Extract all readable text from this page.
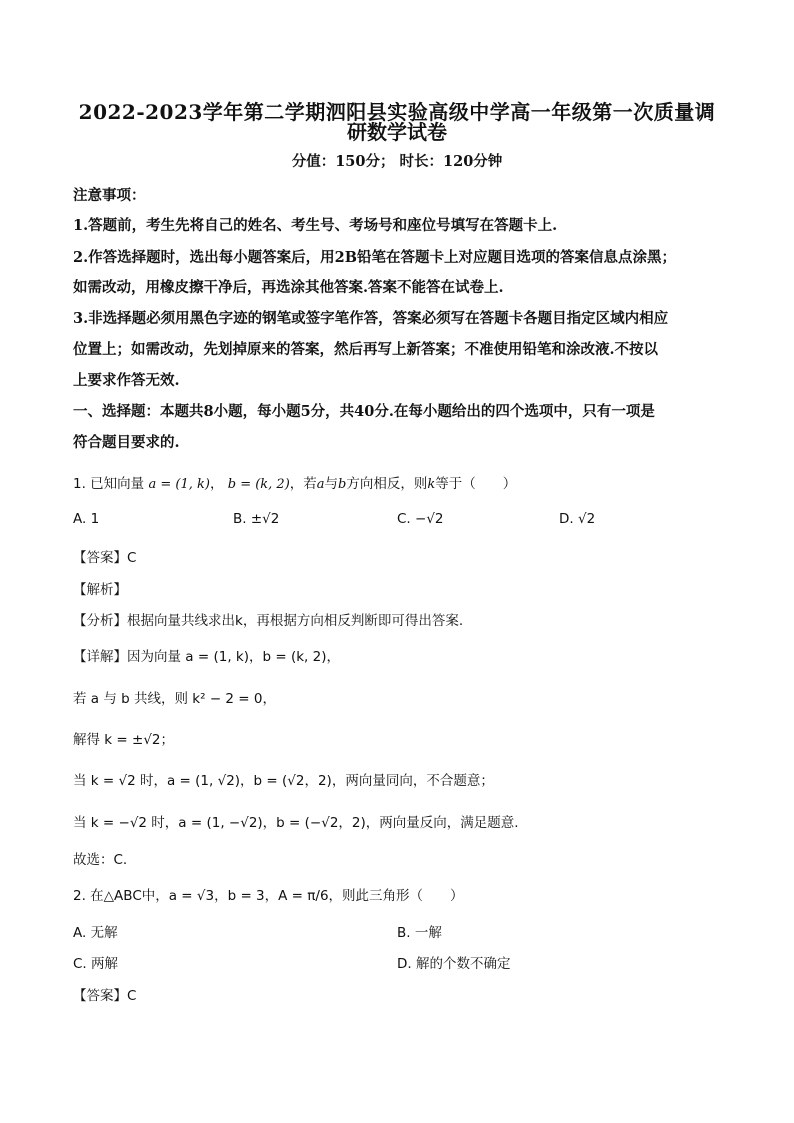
2022-2023学年第二学期泗阳县实验高级中学高一年级第一次质量调
研数学试卷
分值：150分； 时长：120分钟
注意事项：
1.答题前，考生先将自己的姓名、考生号、考场号和座位号填写在答题卡上.
2.作答选择题时，选出每小题答案后，用2B铅笔在答题卡上对应题目选项的答案信息点涂黑；
如需改动，用橡皮擦干净后，再选涂其他答案.答案不能答在试卷上.
3.非选择题必须用黑色字迹的钢笔或签字笔作答，答案必须写在答题卡各题目指定区域内相应
位置上；如需改动，先划掉原来的答案，然后再写上新答案；不准使用铅笔和涂改液.不按以
上要求作答无效.
一、选择题：本题共8小题，每小题5分，共40分.在每小题给出的四个选项中，只有一项是
符合题目要求的.
1. 已知向量 a = (1, k)， b = (k, 2)，若a与b方向相反，则k等于（　　）
A. 1	B. ±√2	C. −√2	D. √2
【答案】C
【解析】
【分析】根据向量共线求出k，再根据方向相反判断即可得出答案.
【详解】因为向量 a = (1, k)，b = (k, 2)，
若 a 与 b 共线，则 k² − 2 = 0，
解得 k = ±√2；
当 k = √2 时，a = (1, √2)，b = (√2，2)，两向量同向，不合题意；
当 k = −√2 时，a = (1, −√2)，b = (−√2，2)，两向量反向，满足题意.
故选：C.
2. 在△ABC中，a = √3，b = 3，A = π/6，则此三角形（　　）
A. 无解	B. 一解
C. 两解	D. 解的个数不确定
【答案】C
